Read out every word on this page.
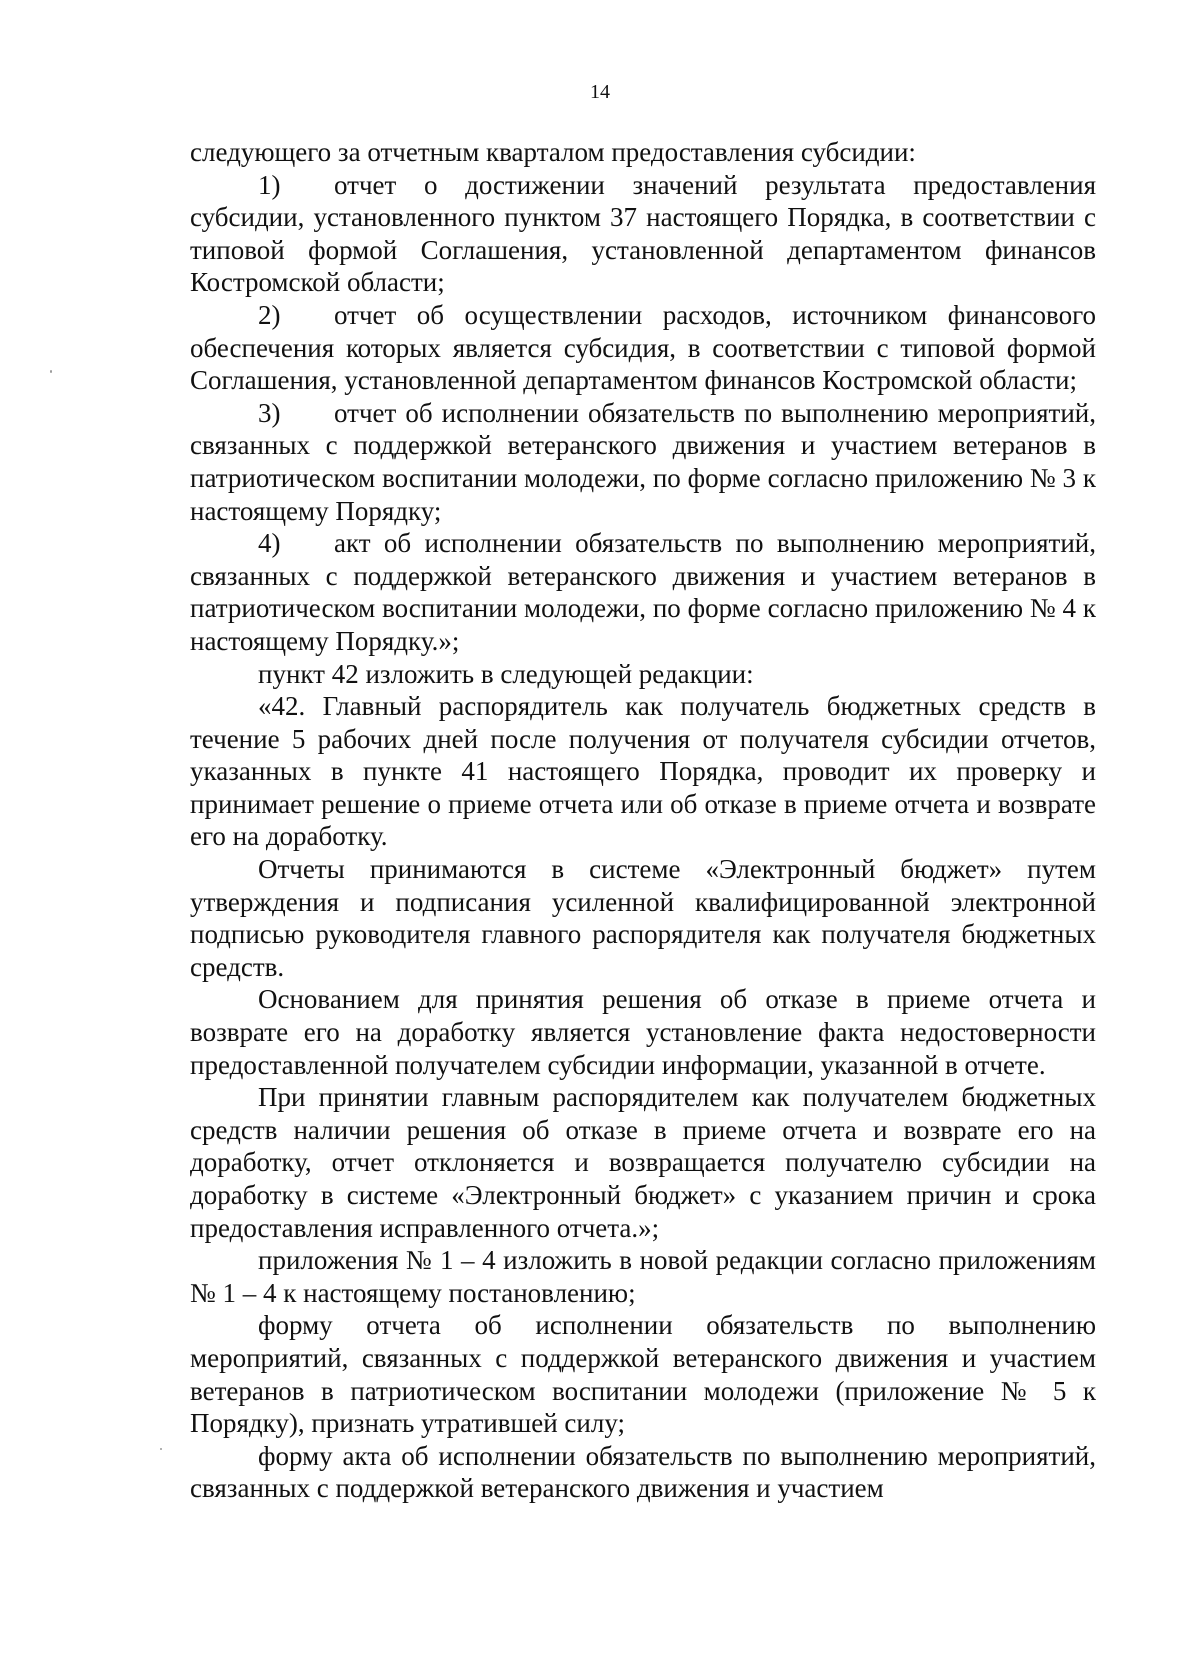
14

следующего за отчетным кварталом предоставления субсидии:

1) отчет о достижении значений результата предоставления субсидии, установленного пунктом 37 настоящего Порядка, в соответствии с типовой формой Соглашения, установленной департаментом финансов Костромской области;

2) отчет об осуществлении расходов, источником финансового обеспечения которых является субсидия, в соответствии с типовой формой Соглашения, установленной департаментом финансов Костромской области;

3) отчет об исполнении обязательств по выполнению мероприятий, связанных с поддержкой ветеранского движения и участием ветеранов в патриотическом воспитании молодежи, по форме согласно приложению № 3 к настоящему Порядку;

4) акт об исполнении обязательств по выполнению мероприятий, связанных с поддержкой ветеранского движения и участием ветеранов в патриотическом воспитании молодежи, по форме согласно приложению № 4 к настоящему Порядку.»;

пункт 42 изложить в следующей редакции:

«42. Главный распорядитель как получатель бюджетных средств в течение 5 рабочих дней после получения от получателя субсидии отчетов, указанных в пункте 41 настоящего Порядка, проводит их проверку и принимает решение о приеме отчета или об отказе в приеме отчета и возврате его на доработку.

Отчеты принимаются в системе «Электронный бюджет» путем утверждения и подписания усиленной квалифицированной электронной подписью руководителя главного распорядителя как получателя бюджетных средств.

Основанием для принятия решения об отказе в приеме отчета и возврате его на доработку является установление факта недостоверности предоставленной получателем субсидии информации, указанной в отчете.

При принятии главным распорядителем как получателем бюджетных средств наличии решения об отказе в приеме отчета и возврате его на доработку, отчет отклоняется и возвращается получателю субсидии на доработку в системе «Электронный бюджет» с указанием причин и срока предоставления исправленного отчета.»;

приложения № 1 – 4 изложить в новой редакции согласно приложениям № 1 – 4 к настоящему постановлению;

форму отчета об исполнении обязательств по выполнению мероприятий, связанных с поддержкой ветеранского движения и участием ветеранов в патриотическом воспитании молодежи (приложение № 5 к Порядку), признать утратившей силу;

форму акта об исполнении обязательств по выполнению мероприятий, связанных с поддержкой ветеранского движения и участием
